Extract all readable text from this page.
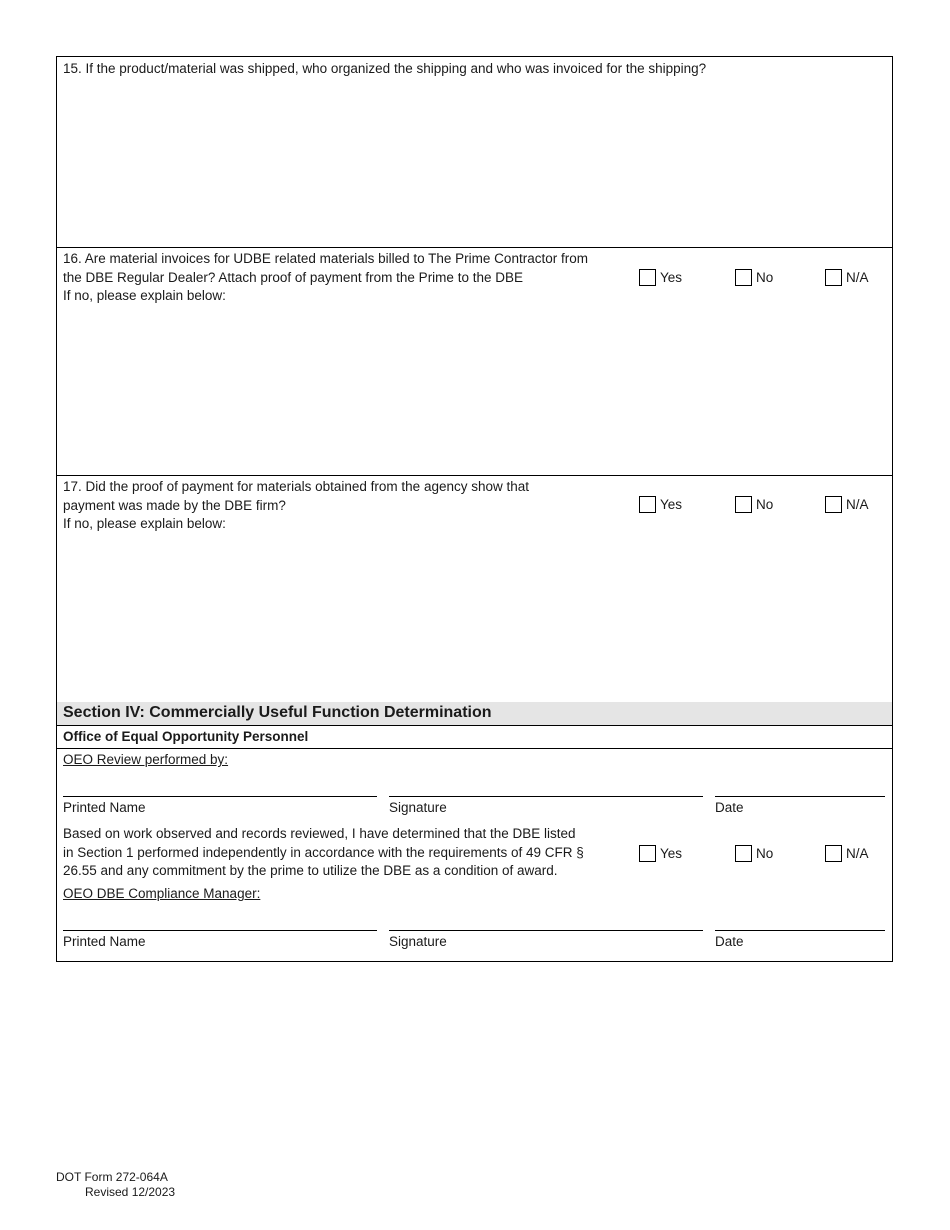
15. If the product/material was shipped, who organized the shipping and who was invoiced for the shipping?
16. Are material invoices for UDBE related materials billed to The Prime Contractor from
the DBE Regular Dealer? Attach proof of payment from the Prime to the DBE
If no, please explain below:
Yes	No	N/A
17. Did the proof of payment for materials obtained from the agency show that
payment was made by the DBE firm?
If no, please explain below:
Yes	No	N/A
Section IV: Commercially Useful Function Determination
Office of Equal Opportunity Personnel
OEO Review performed by:
Printed Name	Signature	Date
Based on work observed and records reviewed, I have determined that the DBE listed
in Section 1 performed independently in accordance with the requirements of 49 CFR §
26.55 and any commitment by the prime to utilize the DBE as a condition of award.
Yes	No	N/A
OEO DBE Compliance Manager:
Printed Name	Signature	Date
DOT Form 272-064A
Revised 12/2023
